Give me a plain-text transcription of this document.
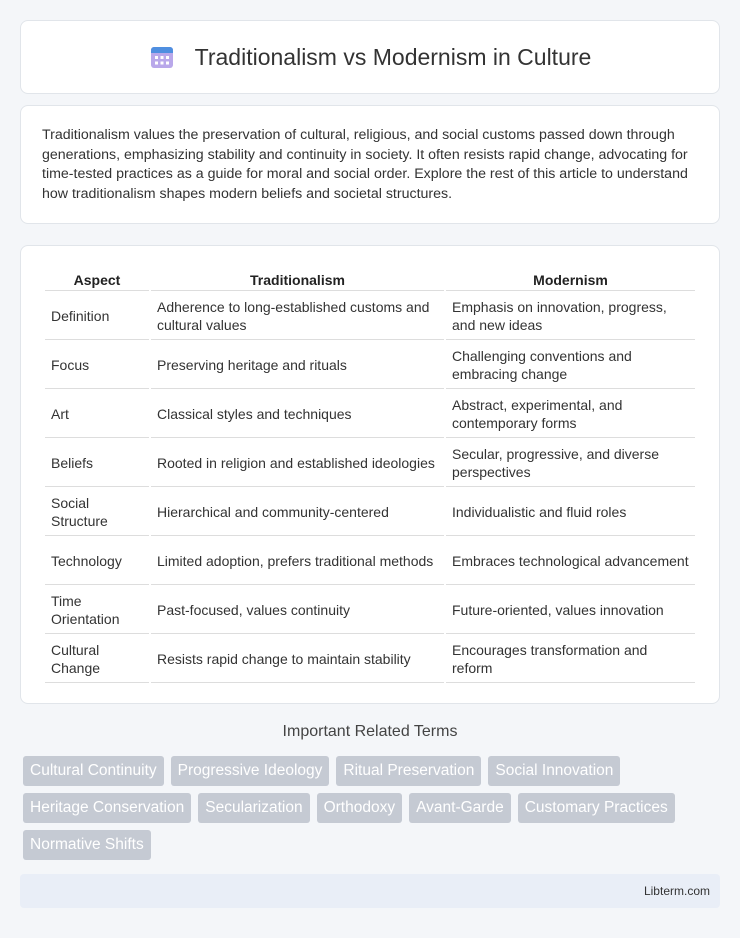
Traditionalism vs Modernism in Culture

Traditionalism values the preservation of cultural, religious, and social customs passed down through generations, emphasizing stability and continuity in society. It often resists rapid change, advocating for time-tested practices as a guide for moral and social order. Explore the rest of this article to understand how traditionalism shapes modern beliefs and societal structures.

Aspect	Traditionalism	Modernism
Definition	Adherence to long-established customs and cultural values	Emphasis on innovation, progress, and new ideas
Focus	Preserving heritage and rituals	Challenging conventions and embracing change
Art	Classical styles and techniques	Abstract, experimental, and contemporary forms
Beliefs	Rooted in religion and established ideologies	Secular, progressive, and diverse perspectives
Social Structure	Hierarchical and community-centered	Individualistic and fluid roles
Technology	Limited adoption, prefers traditional methods	Embraces technological advancement
Time Orientation	Past-focused, values continuity	Future-oriented, values innovation
Cultural Change	Resists rapid change to maintain stability	Encourages transformation and reform
Important Related Terms
Cultural Continuity	Progressive Ideology	Ritual Preservation	Social Innovation
Heritage Conservation	Secularization	Orthodoxy	Avant-Garde	Customary Practices
Normative Shifts
Libterm.com
